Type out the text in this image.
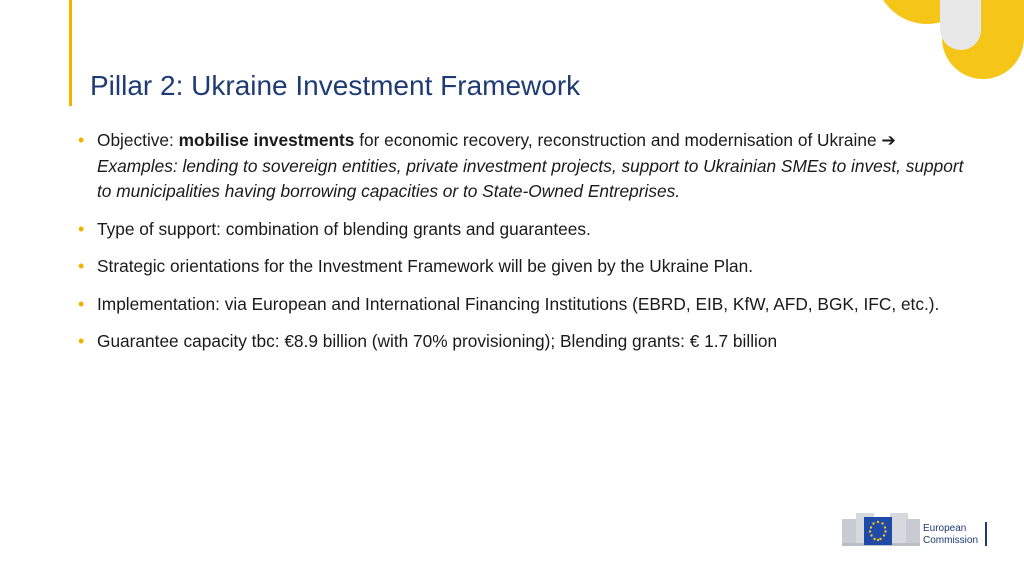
Pillar 2: Ukraine Investment Framework
• Objective: mobilise investments for economic recovery, reconstruction and modernisation of Ukraine ➔ Examples: lending to sovereign entities, private investment projects, support to Ukrainian SMEs to invest, support to municipalities having borrowing capacities or to State-Owned Entreprises.
• Type of support: combination of blending grants and guarantees.
• Strategic orientations for the Investment Framework will be given by the Ukraine Plan.
• Implementation: via European and International Financing Institutions (EBRD, EIB, KfW, AFD, BGK, IFC, etc.).
• Guarantee capacity tbc: €8.9 billion (with 70% provisioning); Blending grants: € 1.7 billion
European
Commission
